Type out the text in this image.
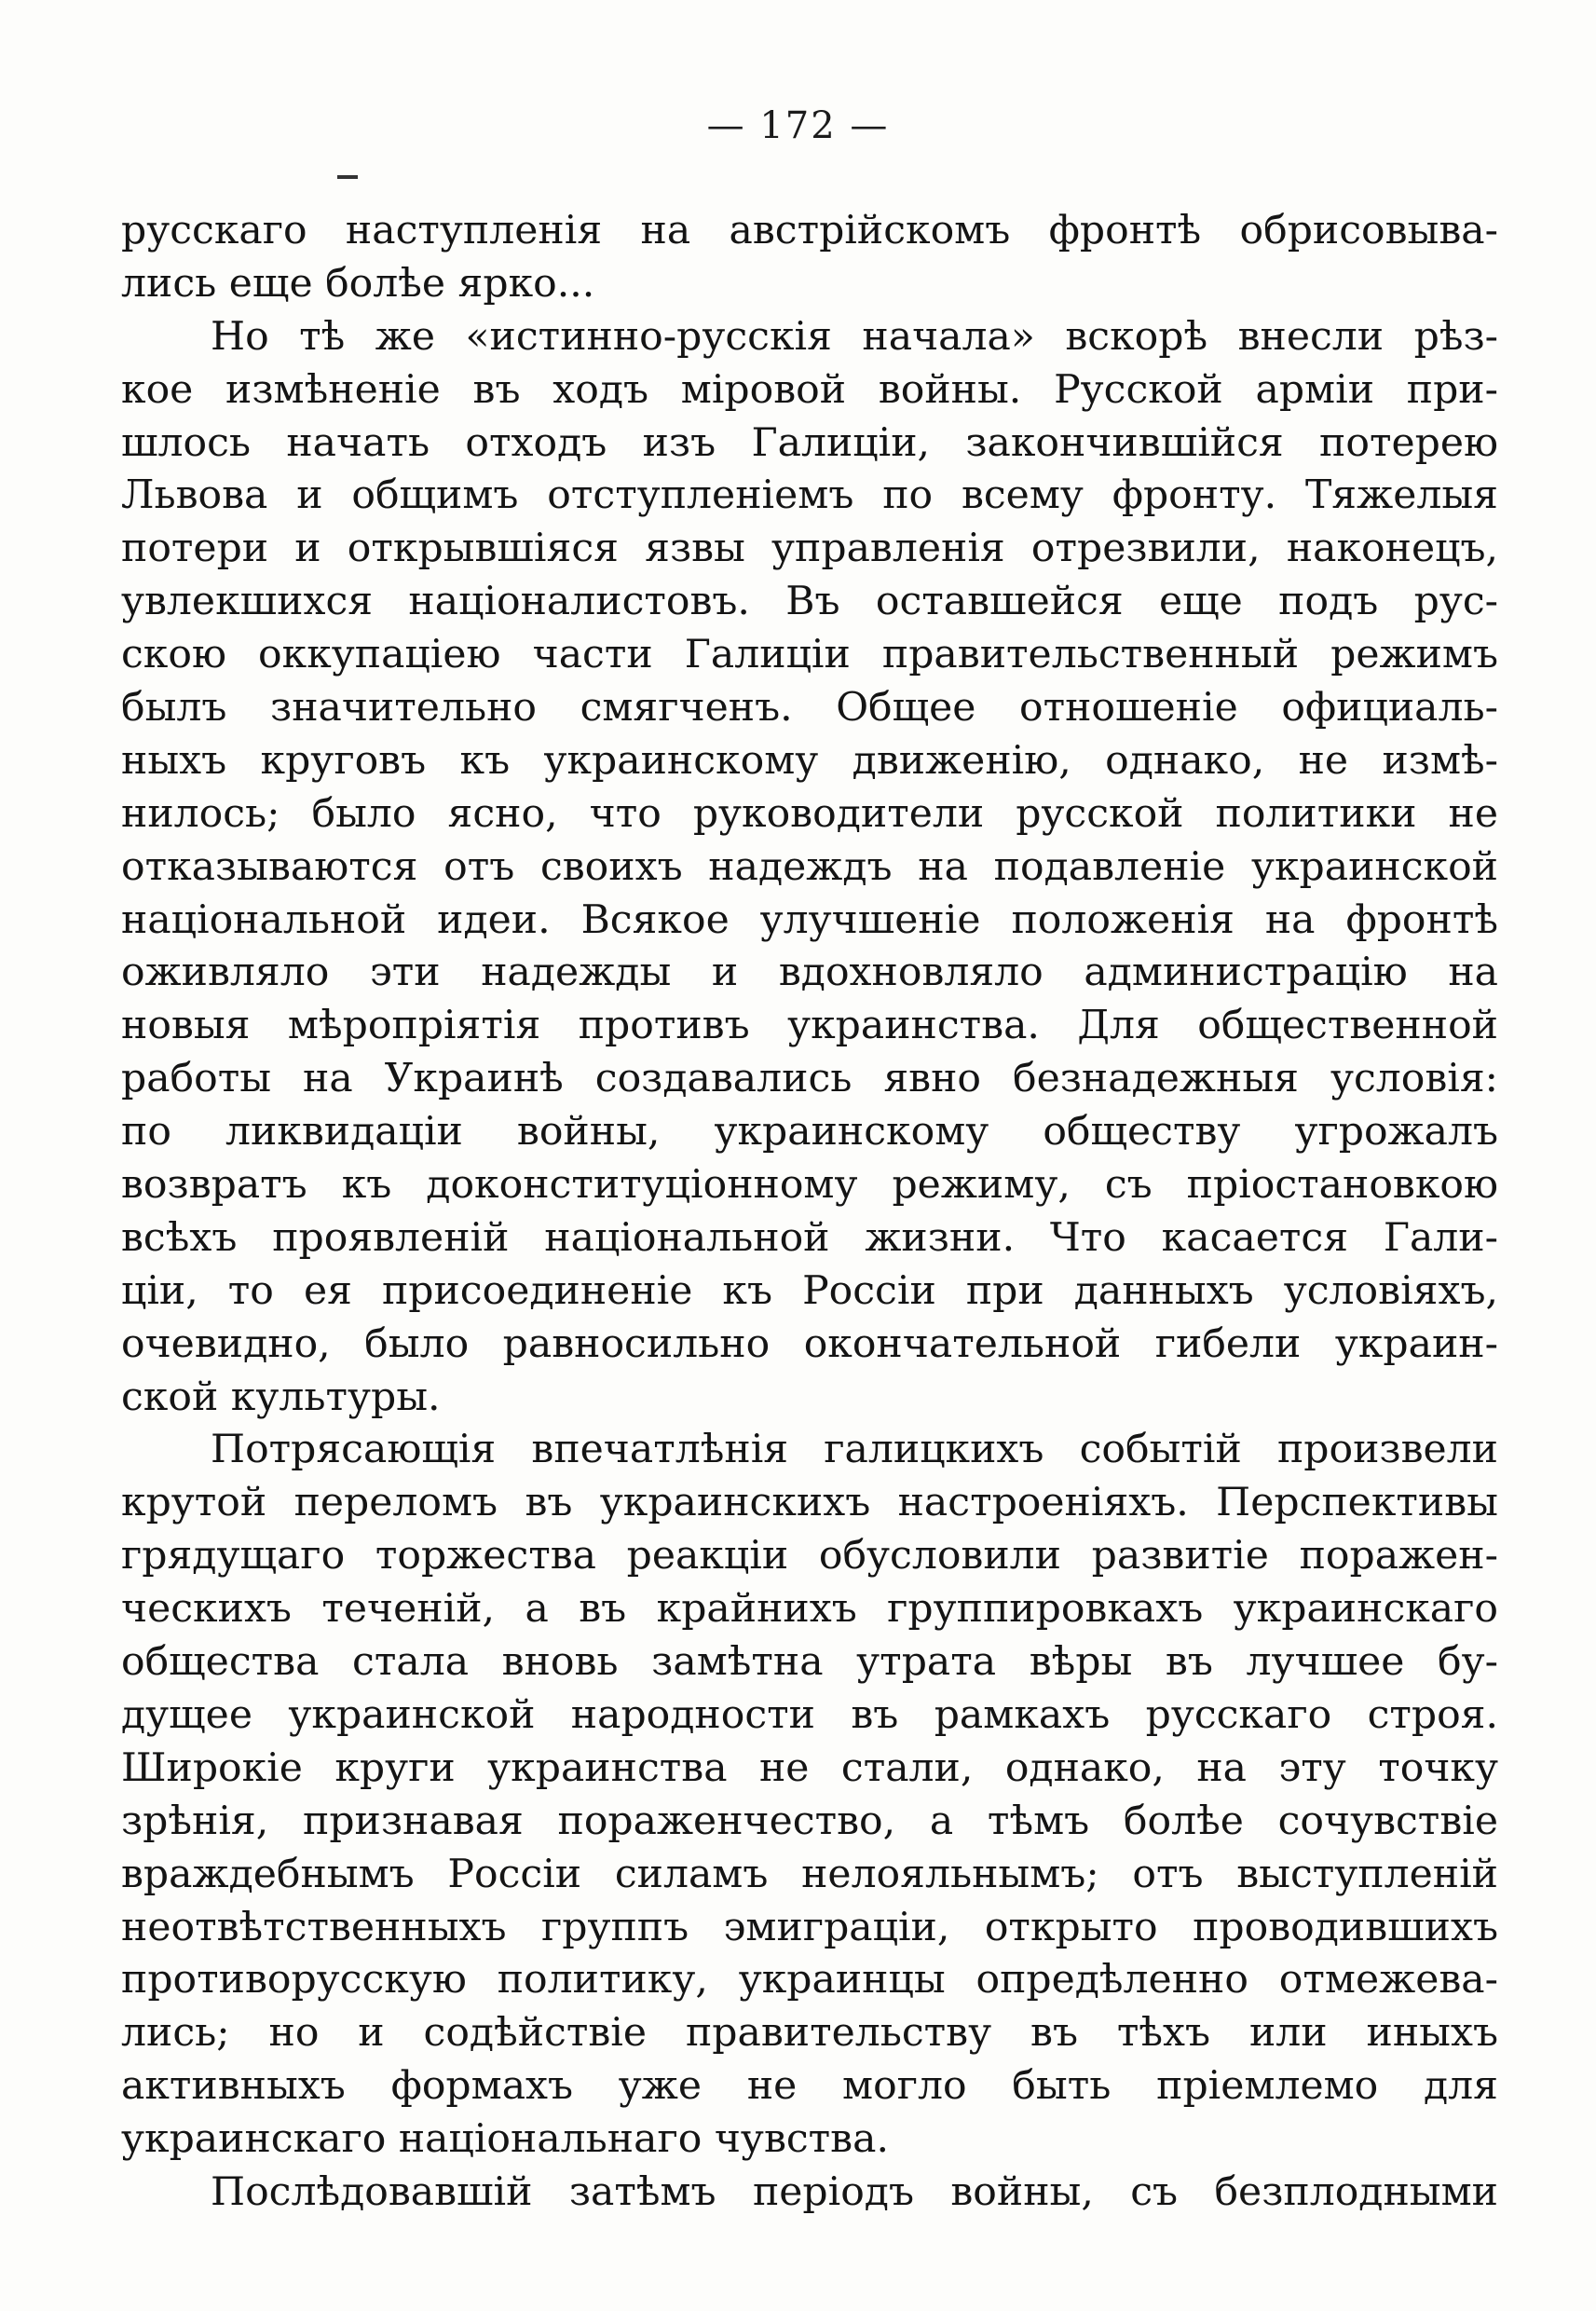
— 172 —
русскаго наступленія на австрійскомъ фронтѣ обрисовыва-
лись еще болѣе ярко...
Но тѣ же «истинно-русскія начала» вскорѣ внесли рѣз-
кое измѣненіе въ ходъ міровой войны. Русской арміи при-
шлось начать отходъ изъ Галиціи, закончившійся потерею
Львова и общимъ отступленіемъ по всему фронту. Тяжелыя
потери и открывшіяся язвы управленія отрезвили, наконецъ,
увлекшихся націоналистовъ. Въ оставшейся еще подъ рус-
скою оккупаціею части Галиціи правительственный режимъ
былъ значительно смягченъ. Общее отношеніе официаль-
ныхъ круговъ къ украинскому движенію, однако, не измѣ-
нилось; было ясно, что руководители русской политики не
отказываются отъ своихъ надеждъ на подавленіе украинской
національной идеи. Всякое улучшеніе положенія на фронтѣ
оживляло эти надежды и вдохновляло администрацію на
новыя мѣропріятія противъ украинства. Для общественной
работы на Украинѣ создавались явно безнадежныя условія:
по ликвидаціи войны, украинскому обществу угрожалъ
возвратъ къ доконституціонному режиму, съ пріостановкою
всѣхъ проявленій національной жизни. Что касается Гали-
ціи, то ея присоединеніе къ Россіи при данныхъ условіяхъ,
очевидно, было равносильно окончательной гибели украин-
ской культуры.
Потрясающія впечатлѣнія галицкихъ событій произвели
крутой переломъ въ украинскихъ настроеніяхъ. Перспективы
грядущаго торжества реакціи обусловили развитіе поражен-
ческихъ теченій, а въ крайнихъ группировкахъ украинскаго
общества стала вновь замѣтна утрата вѣры въ лучшее бу-
дущее украинской народности въ рамкахъ русскаго строя.
Широкіе круги украинства не стали, однако, на эту точку
зрѣнія, признавая пораженчество, а тѣмъ болѣе сочувствіе
враждебнымъ Россіи силамъ нелояльнымъ; отъ выступленій
неотвѣтственныхъ группъ эмиграціи, открыто проводившихъ
противорусскую политику, украинцы опредѣленно отмежева-
лись; но и содѣйствіе правительству въ тѣхъ или иныхъ
активныхъ формахъ уже не могло быть пріемлемо для
украинскаго національнаго чувства.
Послѣдовавшій затѣмъ періодъ войны, съ безплодными
